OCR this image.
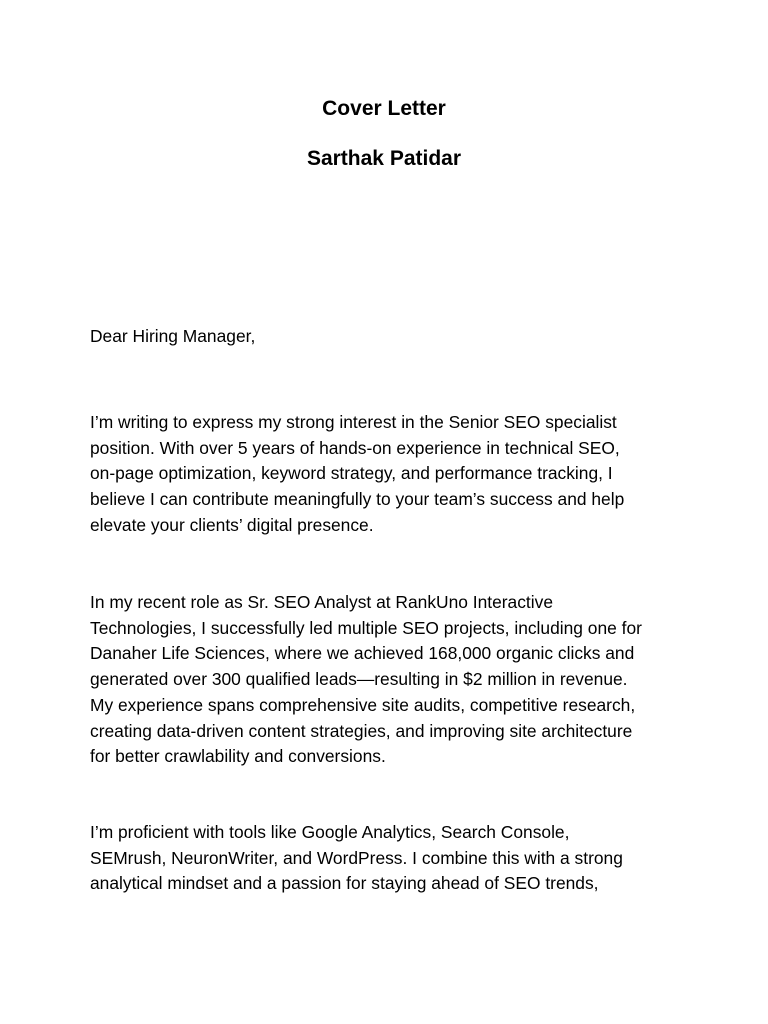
Cover Letter
Sarthak Patidar

Dear Hiring Manager,

I’m writing to express my strong interest in the Senior SEO specialist
position. With over 5 years of hands-on experience in technical SEO,
on-page optimization, keyword strategy, and performance tracking, I
believe I can contribute meaningfully to your team’s success and help
elevate your clients’ digital presence.

In my recent role as Sr. SEO Analyst at RankUno Interactive
Technologies, I successfully led multiple SEO projects, including one for
Danaher Life Sciences, where we achieved 168,000 organic clicks and
generated over 300 qualified leads—resulting in $2 million in revenue.
My experience spans comprehensive site audits, competitive research,
creating data-driven content strategies, and improving site architecture
for better crawlability and conversions.

I’m proficient with tools like Google Analytics, Search Console,
SEMrush, NeuronWriter, and WordPress. I combine this with a strong
analytical mindset and a passion for staying ahead of SEO trends,
